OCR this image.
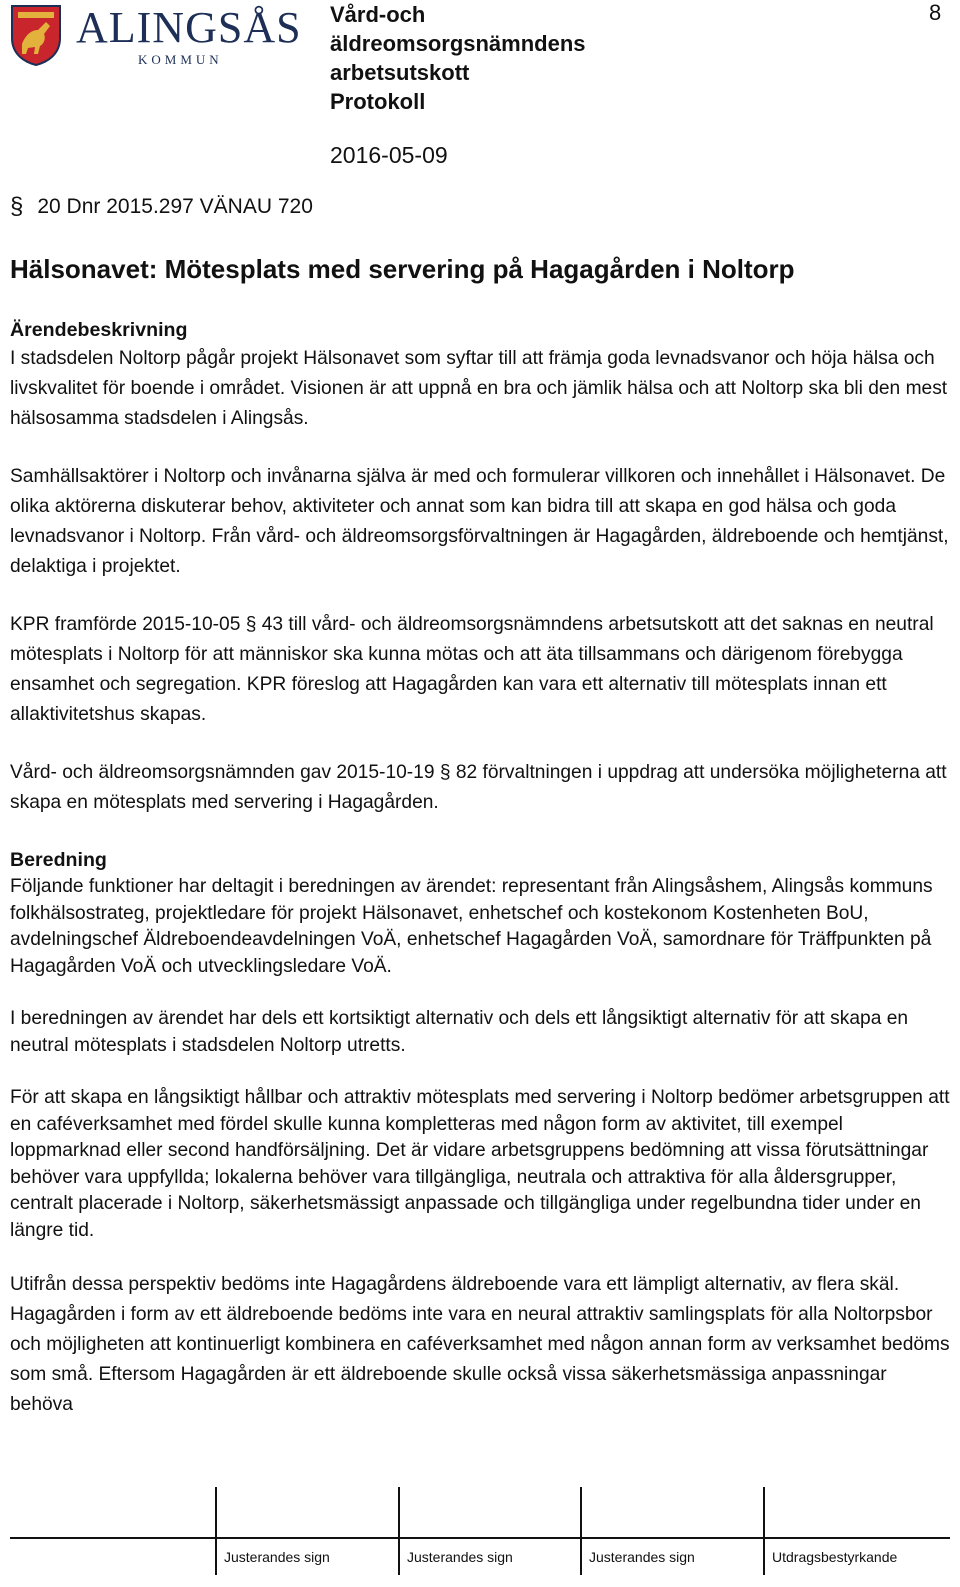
ALINGSÅS
KOMMUN
Vård-och
äldreomsorgsnämndens
arbetsutskott
Protokoll
8
2016-05-09
§ 20 Dnr 2015.297 VÄNAU 720
Hälsonavet: Mötesplats med servering på Hagagården i Noltorp
Ärendebeskrivning

I stadsdelen Noltorp pågår projekt Hälsonavet som syftar till att främja goda levnadsvanor och höja hälsa och livskvalitet för boende i området. Visionen är att uppnå en bra och jämlik hälsa och att Noltorp ska bli den mest hälsosamma stadsdelen i Alingsås.

Samhällsaktörer i Noltorp och invånarna själva är med och formulerar villkoren och innehållet i Hälsonavet. De olika aktörerna diskuterar behov, aktiviteter och annat som kan bidra till att skapa en god hälsa och goda levnadsvanor i Noltorp. Från vård- och äldreomsorgsförvaltningen är Hagagården, äldreboende och hemtjänst, delaktiga i projektet.

KPR framförde 2015-10-05 § 43 till vård- och äldreomsorgsnämndens arbetsutskott att det saknas en neutral mötesplats i Noltorp för att människor ska kunna mötas och att äta tillsammans och därigenom förebygga ensamhet och segregation. KPR föreslog att Hagagården kan vara ett alternativ till mötesplats innan ett allaktivitetshus skapas.

Vård- och äldreomsorgsnämnden gav 2015-10-19 § 82 förvaltningen i uppdrag att undersöka möjligheterna att skapa en mötesplats med servering i Hagagården.

Beredning

Följande funktioner har deltagit i beredningen av ärendet: representant från Alingsåshem, Alingsås kommuns folkhälsostrateg, projektledare för projekt Hälsonavet, enhetschef och kostekonom Kostenheten BoU, avdelningschef Äldreboendeavdelningen VoÄ, enhetschef Hagagården VoÄ, samordnare för Träffpunkten på Hagagården VoÄ och utvecklingsledare VoÄ.

I beredningen av ärendet har dels ett kortsiktigt alternativ och dels ett långsiktigt alternativ för att skapa en neutral mötesplats i stadsdelen Noltorp utretts.

För att skapa en långsiktigt hållbar och attraktiv mötesplats med servering i Noltorp bedömer arbetsgruppen att en caféverksamhet med fördel skulle kunna kompletteras med någon form av aktivitet, till exempel loppmarknad eller second handförsäljning. Det är vidare arbetsgruppens bedömning att vissa förutsättningar behöver vara uppfyllda; lokalerna behöver vara tillgängliga, neutrala och attraktiva för alla åldersgrupper, centralt placerade i Noltorp, säkerhetsmässigt anpassade och tillgängliga under regelbundna tider under en längre tid.

Utifrån dessa perspektiv bedöms inte Hagagårdens äldreboende vara ett lämpligt alternativ, av flera skäl. Hagagården i form av ett äldreboende bedöms inte vara en neural attraktiv samlingsplats för alla Noltorpsbor och möjligheten att kontinuerligt kombinera en caféverksamhet med någon annan form av verksamhet bedöms som små. Eftersom Hagagården är ett äldreboende skulle också vissa säkerhetsmässiga anpassningar behöva

Justerandes sign	Justerandes sign	Justerandes sign	Utdragsbestyrkande
